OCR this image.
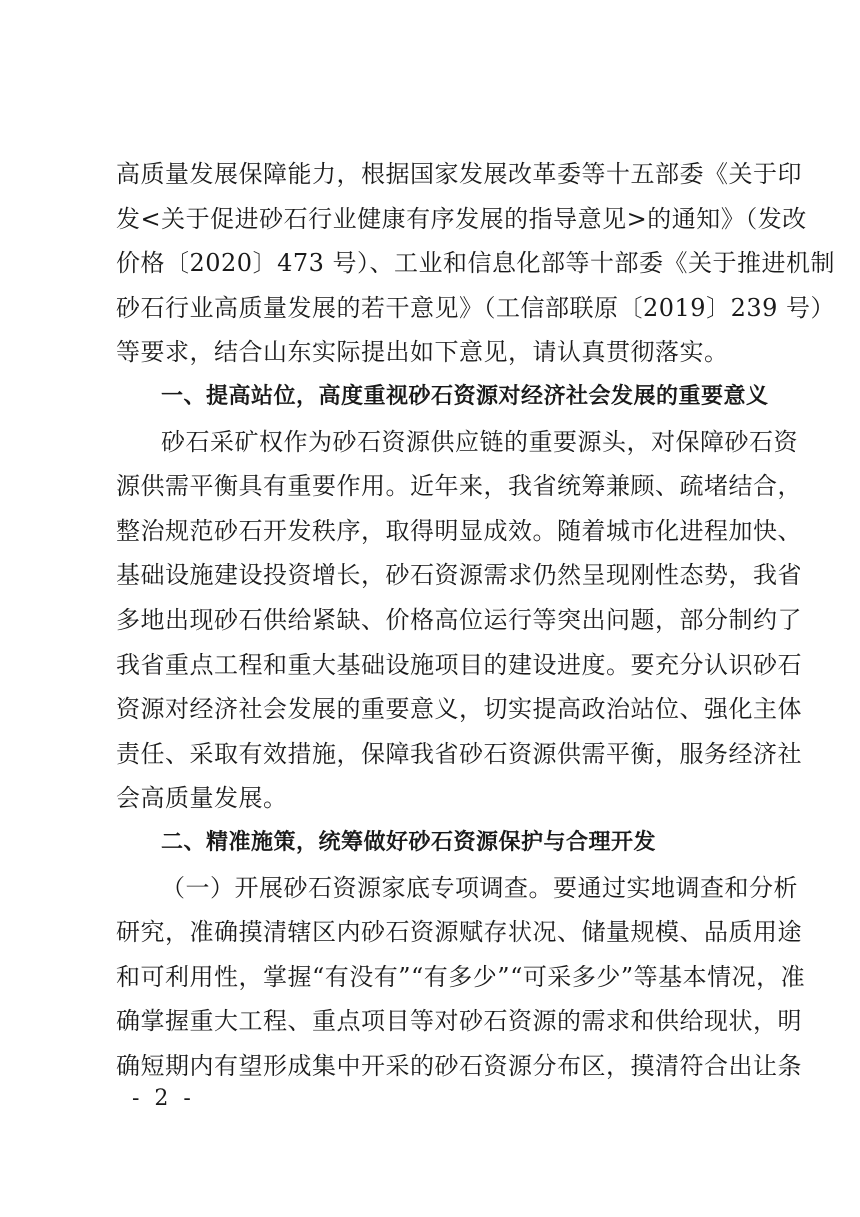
高质量发展保障能力，根据国家发展改革委等十五部委《关于印
发<关于促进砂石行业健康有序发展的指导意见>的通知》（发改
价格〔2020〕473 号）、工业和信息化部等十部委《关于推进机制
砂石行业高质量发展的若干意见》（工信部联原〔2019〕239 号）
等要求，结合山东实际提出如下意见，请认真贯彻落实。
一、提高站位，高度重视砂石资源对经济社会发展的重要意义
砂石采矿权作为砂石资源供应链的重要源头，对保障砂石资
源供需平衡具有重要作用。近年来，我省统筹兼顾、疏堵结合，
整治规范砂石开发秩序，取得明显成效。随着城市化进程加快、
基础设施建设投资增长，砂石资源需求仍然呈现刚性态势，我省
多地出现砂石供给紧缺、价格高位运行等突出问题，部分制约了
我省重点工程和重大基础设施项目的建设进度。要充分认识砂石
资源对经济社会发展的重要意义，切实提高政治站位、强化主体
责任、采取有效措施，保障我省砂石资源供需平衡，服务经济社
会高质量发展。
二、精准施策，统筹做好砂石资源保护与合理开发
（一）开展砂石资源家底专项调查。要通过实地调查和分析
研究，准确摸清辖区内砂石资源赋存状况、储量规模、品质用途
和可利用性，掌握“有没有”“有多少”“可采多少”等基本情况，准
确掌握重大工程、重点项目等对砂石资源的需求和供给现状，明
确短期内有望形成集中开采的砂石资源分布区，摸清符合出让条
- 2 -
